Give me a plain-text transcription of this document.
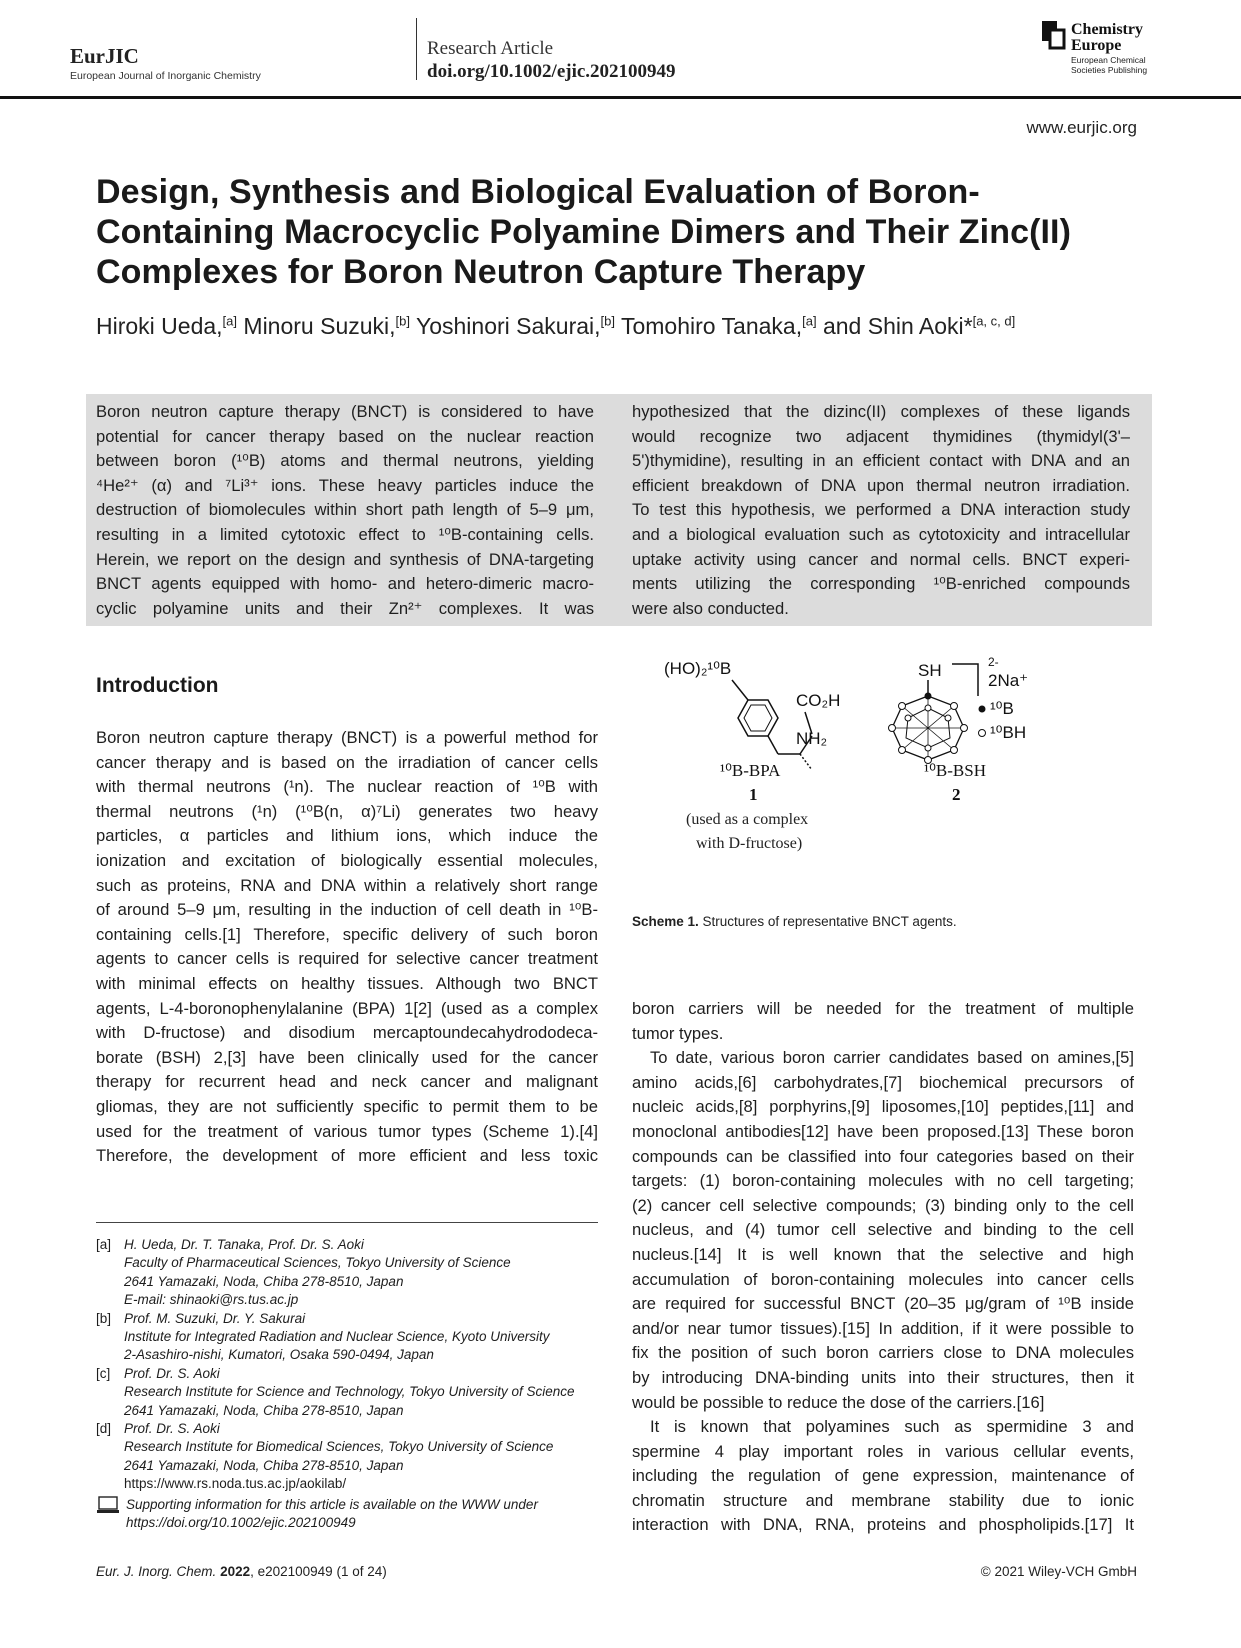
EurJIC
European Journal of Inorganic Chemistry
Research Article
doi.org/10.1002/ejic.202100949
Chemistry
Europe
European Chemical
Societies Publishing
www.eurjic.org
Design, Synthesis and Biological Evaluation of Boron-
Containing Macrocyclic Polyamine Dimers and Their Zinc(II)
Complexes for Boron Neutron Capture Therapy
Hiroki Ueda,[a] Minoru Suzuki,[b] Yoshinori Sakurai,[b] Tomohiro Tanaka,[a] and Shin Aoki*[a, c, d]
Boron neutron capture therapy (BNCT) is considered to have
potential for cancer therapy based on the nuclear reaction
between boron (¹⁰B) atoms and thermal neutrons, yielding
⁴He²⁺ (α) and ⁷Li³⁺ ions. These heavy particles induce the
destruction of biomolecules within short path length of 5–9 μm,
resulting in a limited cytotoxic effect to ¹⁰B-containing cells.
Herein, we report on the design and synthesis of DNA-targeting
BNCT agents equipped with homo- and hetero-dimeric macro-
cyclic polyamine units and their Zn²⁺ complexes. It was
hypothesized that the dizinc(II) complexes of these ligands
would recognize two adjacent thymidines (thymidyl(3'–
5')thymidine), resulting in an efficient contact with DNA and an
efficient breakdown of DNA upon thermal neutron irradiation.
To test this hypothesis, we performed a DNA interaction study
and a biological evaluation such as cytotoxicity and intracellular
uptake activity using cancer and normal cells. BNCT experi-
ments utilizing the corresponding ¹⁰B-enriched compounds
were also conducted.
Introduction
Boron neutron capture therapy (BNCT) is a powerful method for
cancer therapy and is based on the irradiation of cancer cells
with thermal neutrons (¹n). The nuclear reaction of ¹⁰B with
thermal neutrons (¹n) (¹⁰B(n, α)⁷Li) generates two heavy
particles, α particles and lithium ions, which induce the
ionization and excitation of biologically essential molecules,
such as proteins, RNA and DNA within a relatively short range
of around 5–9 μm, resulting in the induction of cell death in ¹⁰B-
containing cells.[1] Therefore, specific delivery of such boron
agents to cancer cells is required for selective cancer treatment
with minimal effects on healthy tissues. Although two BNCT
agents, L-4-boronophenylalanine (BPA) 1[2] (used as a complex
with D-fructose) and disodium mercaptoundecahydrododeca-
borate (BSH) 2,[3] have been clinically used for the cancer
therapy for recurrent head and neck cancer and malignant
gliomas, they are not sufficiently specific to permit them to be
used for the treatment of various tumor types (Scheme 1).[4]
Therefore, the development of more efficient and less toxic
boron carriers will be needed for the treatment of multiple
tumor types.
To date, various boron carrier candidates based on amines,[5]
amino acids,[6] carbohydrates,[7] biochemical precursors of
nucleic acids,[8] porphyrins,[9] liposomes,[10] peptides,[11] and
monoclonal antibodies[12] have been proposed.[13] These boron
compounds can be classified into four categories based on their
targets: (1) boron-containing molecules with no cell targeting;
(2) cancer cell selective compounds; (3) binding only to the cell
nucleus, and (4) tumor cell selective and binding to the cell
nucleus.[14] It is well known that the selective and high
accumulation of boron-containing molecules into cancer cells
are required for successful BNCT (20–35 μg/gram of ¹⁰B inside
and/or near tumor tissues).[15] In addition, if it were possible to
fix the position of such boron carriers close to DNA molecules
by introducing DNA-binding units into their structures, then it
would be possible to reduce the dose of the carriers.[16]
It is known that polyamines such as spermidine 3 and
spermine 4 play important roles in various cellular events,
including the regulation of gene expression, maintenance of
chromatin structure and membrane stability due to ionic
interaction with DNA, RNA, proteins and phospholipids.[17] It
(HO)₂¹⁰B
CO₂H
NH₂
¹⁰B-BPA
1
(used as a complex
with D-fructose)
SH	2-
2Na⁺
¹⁰B
¹⁰BH
¹⁰B-BSH
2
Scheme 1. Structures of representative BNCT agents.
[a] H. Ueda, Dr. T. Tanaka, Prof. Dr. S. Aoki
Faculty of Pharmaceutical Sciences, Tokyo University of Science
2641 Yamazaki, Noda, Chiba 278-8510, Japan
E-mail: shinaoki@rs.tus.ac.jp
[b] Prof. M. Suzuki, Dr. Y. Sakurai
Institute for Integrated Radiation and Nuclear Science, Kyoto University
2-Asashiro-nishi, Kumatori, Osaka 590-0494, Japan
[c]	Prof. Dr. S. Aoki
Research Institute for Science and Technology, Tokyo University of Science
2641 Yamazaki, Noda, Chiba 278-8510, Japan
[d] Prof. Dr. S. Aoki
Research Institute for Biomedical Sciences, Tokyo University of Science
2641 Yamazaki, Noda, Chiba 278-8510, Japan
https://www.rs.noda.tus.ac.jp/aokilab/
Supporting information for this article is available on the WWW under
https://doi.org/10.1002/ejic.202100949
Eur. J. Inorg. Chem. 2022, e202100949 (1 of 24)	© 2021 Wiley-VCH GmbH
